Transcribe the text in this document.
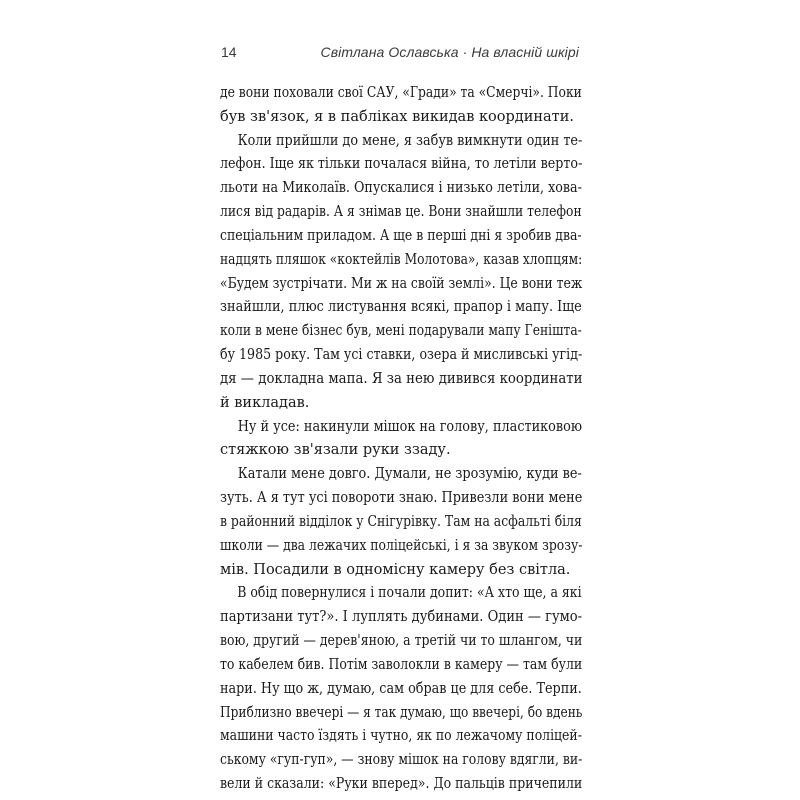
14	Світлана Ославська · На власній шкірі
де вони поховали свої САУ, «Гради» та «Смерчі». Поки
був зв'язок, я в пабліках викидав координати.
Коли прийшли до мене, я забув вимкнути один те-
лефон. Іще як тільки почалася війна, то летіли верто-
льоти на Миколаїв. Опускалися і низько летіли, хова-
лися від радарів. А я знімав це. Вони знайшли телефон
спеціальним приладом. А ще в перші дні я зробив два-
надцять пляшок «коктейлів Молотова», казав хлопцям:
«Будем зустрічати. Ми ж на своїй землі». Це вони теж
знайшли, плюс листування всякі, прапор і мапу. Іще
коли в мене бізнес був, мені подарували мапу Генішта-
бу 1985 року. Там усі ставки, озера й мисливські угід-
дя — докладна мапа. Я за нею дивився координати
й викладав.
Ну й усе: накинули мішок на голову, пластиковою
стяжкою зв'язали руки ззаду.
Катали мене довго. Думали, не зрозумію, куди ве-
зуть. А я тут усі повороти знаю. Привезли вони мене
в районний відділок у Снігурівку. Там на асфальті біля
школи — два лежачих поліцейські, і я за звуком зрозу-
мів. Посадили в одномісну камеру без світла.
В обід повернулися і почали допит: «А хто ще, а які
партизани тут?». І луплять дубинами. Один — гумо-
вою, другий — дерев'яною, а третій чи то шлангом, чи
то кабелем бив. Потім заволокли в камеру — там були
нари. Ну що ж, думаю, сам обрав це для себе. Терпи.
Приблизно ввечері — я так думаю, що ввечері, бо вдень
машини часто їздять і чутно, як по лежачому поліцей-
ському «гуп-гуп», — знову мішок на голову вдягли, ви-
вели й сказали: «Руки вперед». До пальців причепили
